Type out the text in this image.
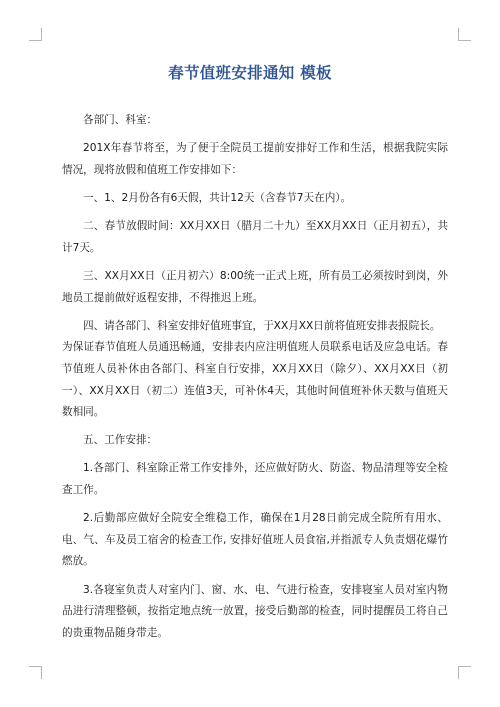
春节值班安排通知 模板

各部门、科室：

201X年春节将至，为了便于全院员工提前安排好工作和生活，根据我院实际情况，现将放假和值班工作安排如下：

一、1、2月份各有6天假，共计12天（含春节7天在内）。

二、春节放假时间：XX月XX日（腊月二十九）至XX月XX日（正月初五），共计7天。

三、XX月XX日（正月初六）8:00统一正式上班，所有员工必须按时到岗，外地员工提前做好返程安排，不得推迟上班。

四、请各部门、科室安排好值班事宜，于XX月XX日前将值班安排表报院长。

为保证春节值班人员通迅畅通，安排表内应注明值班人员联系电话及应急电话。春节值班人员补休由各部门、科室自行安排，XX月XX日（除夕）、XX月XX日（初一）、XX月XX日（初二）连值3天，可补休4天，其他时间值班补休天数与值班天数相同。

五、工作安排：

1.各部门、科室除正常工作安排外，还应做好防火、防盗、物品清理等安全检查工作。

2.后勤部应做好全院安全维稳工作，确保在1月28日前完成全院所有用水、电、气、车及员工宿舍的检查工作, 安排好值班人员食宿,并指派专人负责烟花爆竹燃放。

3.各寝室负责人对室内门、窗、水、电、气进行检查，安排寝室人员对室内物品进行清理整顿，按指定地点统一放置，接受后勤部的检查，同时提醒员工将自己的贵重物品随身带走。
